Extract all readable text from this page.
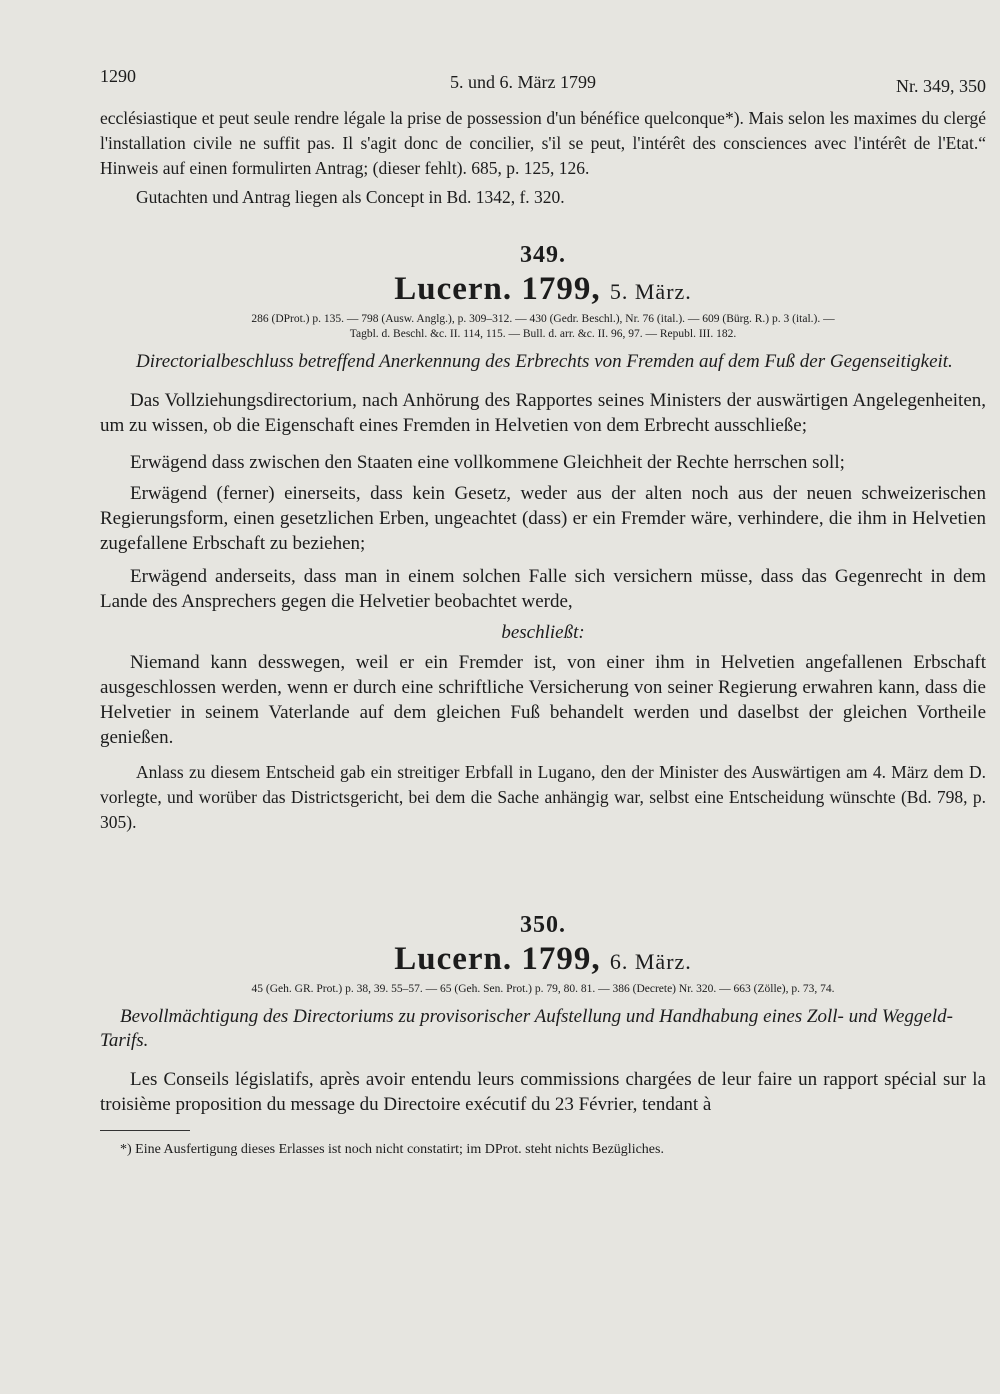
1290	5. und 6. März 1799	Nr. 349, 350

ecclésiastique et peut seule rendre légale la prise de possession d'un bénéfice quelconque*). Mais selon les maximes du clergé l'installation civile ne suffit pas. Il s'agit donc de concilier, s'il se peut, l'intérêt des consciences avec l'intérêt de l'Etat.“ Hinweis auf einen formulirten Antrag; (dieser fehlt). 685, p. 125, 126.

Gutachten und Antrag liegen als Concept in Bd. 1342, f. 320.

349.
Lucern. 1799, 5. März.
286 (DProt.) p. 135. — 798 (Ausw. Anglg.), p. 309–312. — 430 (Gedr. Beschl.), Nr. 76 (ital.). — 609 (Bürg. R.) p. 3 (ital.). —
Tagbl. d. Beschl. &c. II. 114, 115. — Bull. d. arr. &c. II. 96, 97. — Republ. III. 182.

Directorialbeschluss betreffend Anerkennung des Erbrechts von Fremden auf dem Fuß der Gegenseitigkeit.

Das Vollziehungsdirectorium, nach Anhörung des Rapportes seines Ministers der auswärtigen Angelegenheiten, um zu wissen, ob die Eigenschaft eines Fremden in Helvetien von dem Erbrecht ausschließe;

Erwägend dass zwischen den Staaten eine vollkommene Gleichheit der Rechte herrschen soll;

Erwägend (ferner) einerseits, dass kein Gesetz, weder aus der alten noch aus der neuen schweizerischen Regierungsform, einen gesetzlichen Erben, ungeachtet (dass) er ein Fremder wäre, verhindere, die ihm in Helvetien zugefallene Erbschaft zu beziehen;

Erwägend anderseits, dass man in einem solchen Falle sich versichern müsse, dass das Gegenrecht in dem Lande des Ansprechers gegen die Helvetier beobachtet werde,

beschließt:

Niemand kann desswegen, weil er ein Fremder ist, von einer ihm in Helvetien angefallenen Erbschaft ausgeschlossen werden, wenn er durch eine schriftliche Versicherung von seiner Regierung erwahren kann, dass die Helvetier in seinem Vaterlande auf dem gleichen Fuß behandelt werden und daselbst der gleichen Vortheile genießen.

Anlass zu diesem Entscheid gab ein streitiger Erbfall in Lugano, den der Minister des Auswärtigen am 4. März dem D. vorlegte, und worüber das Districtsgericht, bei dem die Sache anhängig war, selbst eine Entscheidung wünschte (Bd. 798, p. 305).

350.
Lucern. 1799, 6. März.
45 (Geh. GR. Prot.) p. 38, 39. 55–57. — 65 (Geh. Sen. Prot.) p. 79, 80. 81. — 386 (Decrete) Nr. 320. — 663 (Zölle), p. 73, 74.

Bevollmächtigung des Directoriums zu provisorischer Aufstellung und Handhabung eines Zoll- und Weggeld-Tarifs.

Les Conseils législatifs, après avoir entendu leurs commissions chargées de leur faire un rapport spécial sur la troisième proposition du message du Directoire exécutif du 23 Février, tendant à

*) Eine Ausfertigung dieses Erlasses ist noch nicht constatirt; im DProt. steht nichts Bezügliches.
